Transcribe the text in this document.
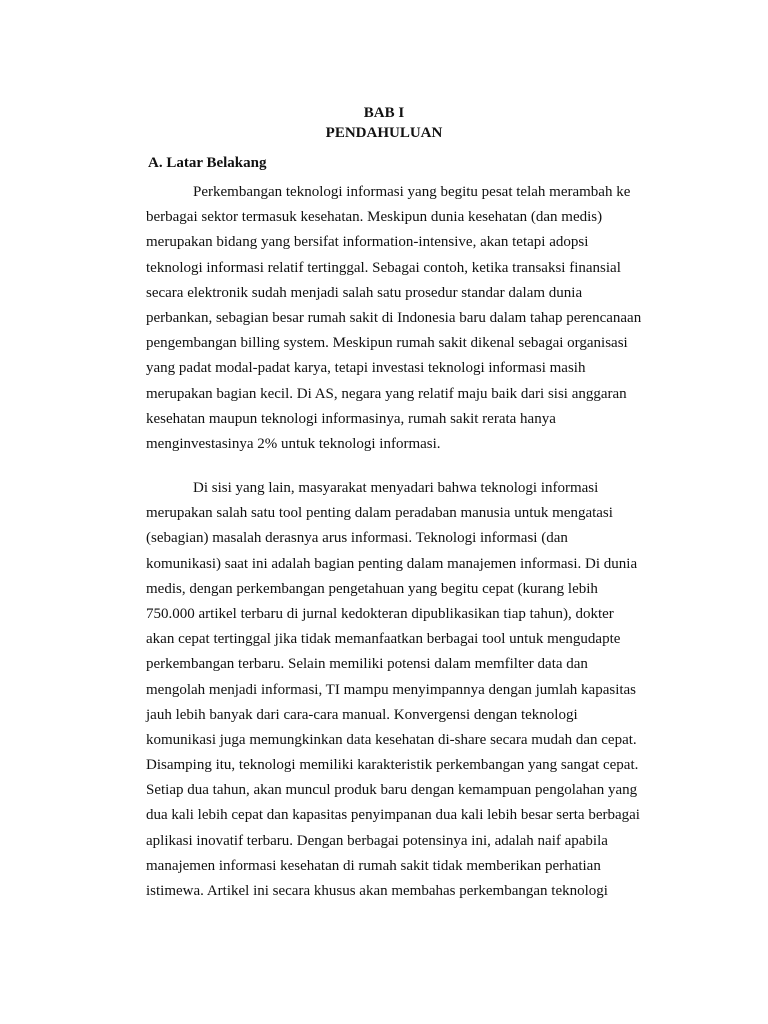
BAB I
PENDAHULUAN
A. Latar Belakang
Perkembangan teknologi informasi yang begitu pesat telah merambah ke
berbagai sektor termasuk kesehatan. Meskipun dunia kesehatan (dan medis)
merupakan bidang yang bersifat information-intensive, akan tetapi adopsi
teknologi informasi relatif tertinggal. Sebagai contoh, ketika transaksi finansial
secara elektronik sudah menjadi salah satu prosedur standar dalam dunia
perbankan, sebagian besar rumah sakit di Indonesia baru dalam tahap perencanaan
pengembangan billing system. Meskipun rumah sakit dikenal sebagai organisasi
yang padat modal-padat karya, tetapi investasi teknologi informasi masih
merupakan bagian kecil. Di AS, negara yang relatif maju baik dari sisi anggaran
kesehatan maupun teknologi informasinya, rumah sakit rerata hanya
menginvestasinya 2% untuk teknologi informasi.
Di sisi yang lain, masyarakat menyadari bahwa teknologi informasi
merupakan salah satu tool penting dalam peradaban manusia untuk mengatasi
(sebagian) masalah derasnya arus informasi. Teknologi informasi (dan
komunikasi) saat ini adalah bagian penting dalam manajemen informasi. Di dunia
medis, dengan perkembangan pengetahuan yang begitu cepat (kurang lebih
750.000 artikel terbaru di jurnal kedokteran dipublikasikan tiap tahun), dokter
akan cepat tertinggal jika tidak memanfaatkan berbagai tool untuk mengudapte
perkembangan terbaru. Selain memiliki potensi dalam memfilter data dan
mengolah menjadi informasi, TI mampu menyimpannya dengan jumlah kapasitas
jauh lebih banyak dari cara-cara manual. Konvergensi dengan teknologi
komunikasi juga memungkinkan data kesehatan di-share secara mudah dan cepat.
Disamping itu, teknologi memiliki karakteristik perkembangan yang sangat cepat.
Setiap dua tahun, akan muncul produk baru dengan kemampuan pengolahan yang
dua kali lebih cepat dan kapasitas penyimpanan dua kali lebih besar serta berbagai
aplikasi inovatif terbaru. Dengan berbagai potensinya ini, adalah naif apabila
manajemen informasi kesehatan di rumah sakit tidak memberikan perhatian
istimewa. Artikel ini secara khusus akan membahas perkembangan teknologi
